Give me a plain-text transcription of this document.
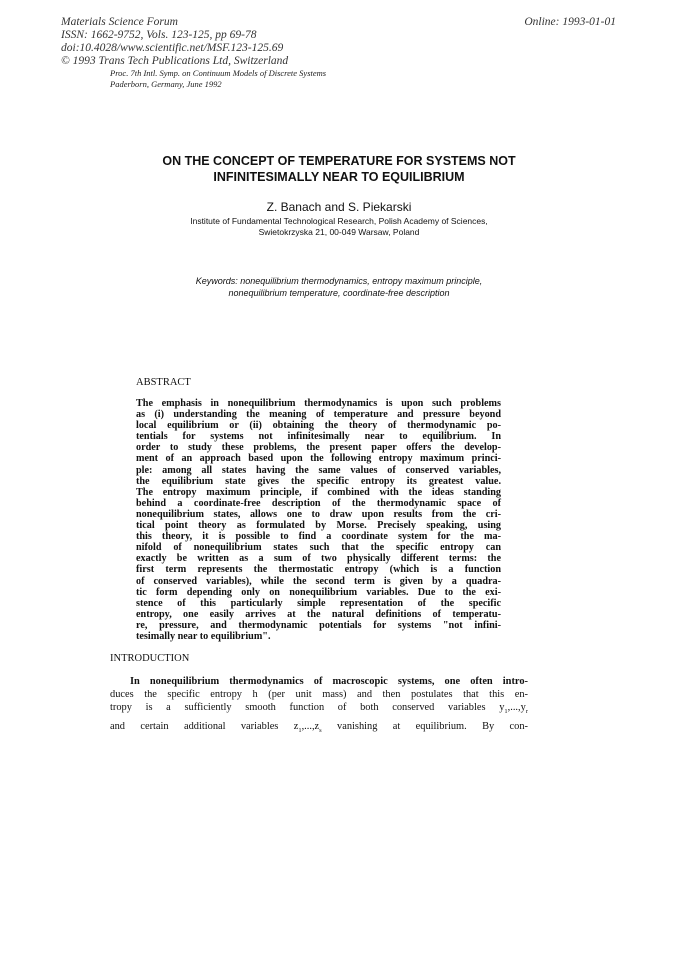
Materials Science Forum
ISSN: 1662-9752, Vols. 123-125, pp 69-78
doi:10.4028/www.scientific.net/MSF.123-125.69
© 1993 Trans Tech Publications Ltd, Switzerland
Online: 1993-01-01
Proc. 7th Intl. Symp. on Continuum Models of Discrete Systems
Paderborn, Germany, June 1992
ON THE CONCEPT OF TEMPERATURE FOR SYSTEMS NOT
INFINITESIMALLY NEAR TO EQUILIBRIUM
Z. Banach and S. Piekarski
Institute of Fundamental Technological Research, Polish Academy of Sciences,
Swietokrzyska 21, 00-049 Warsaw, Poland
Keywords: nonequilibrium thermodynamics, entropy maximum principle,
nonequilibrium temperature, coordinate-free description
ABSTRACT
The emphasis in nonequilibrium thermodynamics is upon such problems
as (i) understanding the meaning of temperature and pressure beyond
local equilibrium or (ii) obtaining the theory of thermodynamic po-
tentials for systems not infinitesimally near to equilibrium. In
order to study these problems, the present paper offers the develop-
ment of an approach based upon the following entropy maximum princi-
ple: among all states having the same values of conserved variables,
the equilibrium state gives the specific entropy its greatest value.
The entropy maximum principle, if combined with the ideas standing
behind a coordinate-free description of the thermodynamic space of
nonequilibrium states, allows one to draw upon results from the cri-
tical point theory as formulated by Morse. Precisely speaking, using
this theory, it is possible to find a coordinate system for the ma-
nifold of nonequilibrium states such that the specific entropy can
exactly be written as a sum of two physically different terms: the
first term represents the thermostatic entropy (which is a function
of conserved variables), while the second term is given by a quadra-
tic form depending only on nonequilibrium variables. Due to the exi-
stence of this particularly simple representation of the specific
entropy, one easily arrives at the natural definitions of temperatu-
re, pressure, and thermodynamic potentials for systems "not infini-
tesimally near to equilibrium".
INTRODUCTION
In nonequilibrium thermodynamics of macroscopic systems, one often intro-
duces the specific entropy h (per unit mass) and then postulates that this en-
tropy is a sufficiently smooth function of both conserved variables $y_1,...,y_r$
and certain additional variables $z_1,...,z_s$ vanishing at equilibrium. By con-
